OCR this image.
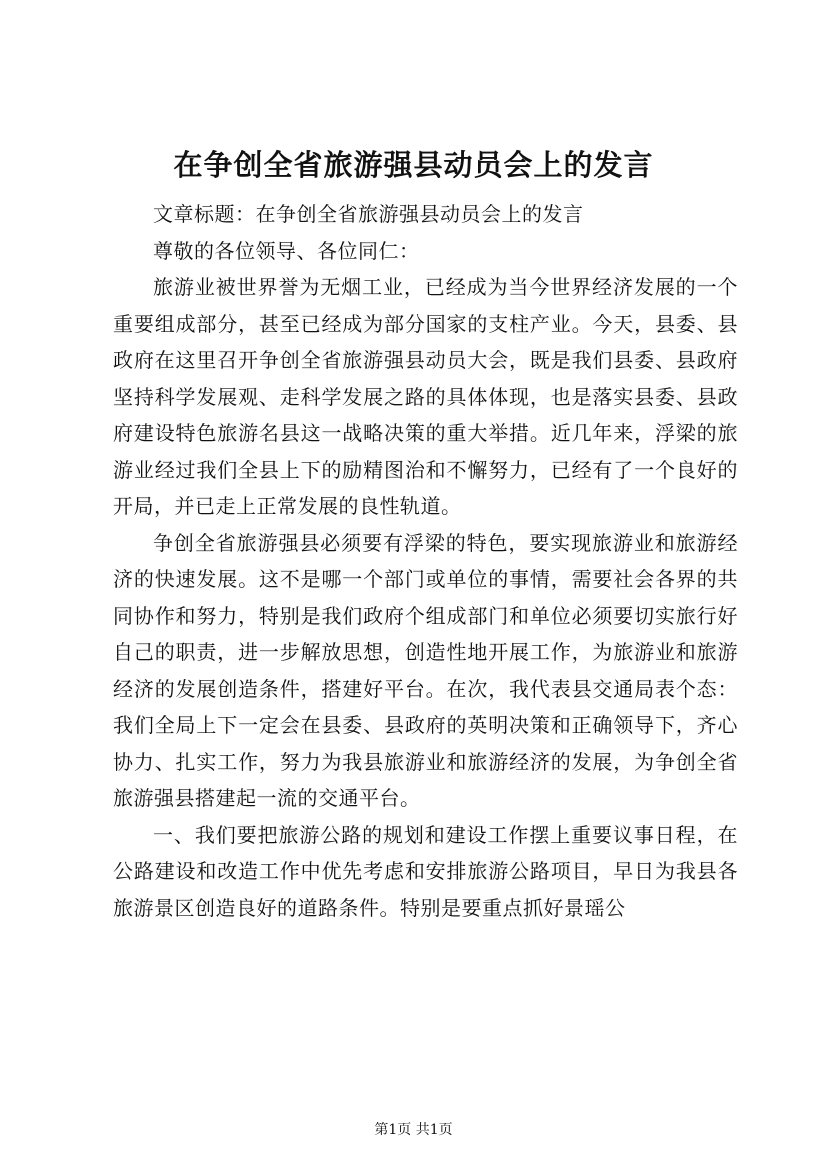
在争创全省旅游强县动员会上的发言

文章标题：在争创全省旅游强县动员会上的发言

尊敬的各位领导、各位同仁：

旅游业被世界誉为无烟工业，已经成为当今世界经济发展的一个重要组成部分，甚至已经成为部分国家的支柱产业。今天，县委、县政府在这里召开争创全省旅游强县动员大会，既是我们县委、县政府坚持科学发展观、走科学发展之路的具体体现，也是落实县委、县政府建设特色旅游名县这一战略决策的重大举措。近几年来，浮梁的旅游业经过我们全县上下的励精图治和不懈努力，已经有了一个良好的开局，并已走上正常发展的良性轨道。

争创全省旅游强县必须要有浮梁的特色，要实现旅游业和旅游经济的快速发展。这不是哪一个部门或单位的事情，需要社会各界的共同协作和努力，特别是我们政府个组成部门和单位必须要切实旅行好自己的职责，进一步解放思想，创造性地开展工作，为旅游业和旅游经济的发展创造条件，搭建好平台。在次，我代表县交通局表个态：我们全局上下一定会在县委、县政府的英明决策和正确领导下，齐心协力、扎实工作，努力为我县旅游业和旅游经济的发展，为争创全省旅游强县搭建起一流的交通平台。

一、我们要把旅游公路的规划和建设工作摆上重要议事日程，在公路建设和改造工作中优先考虑和安排旅游公路项目，早日为我县各旅游景区创造良好的道路条件。特别是要重点抓好景瑶公

第1页 共1页
